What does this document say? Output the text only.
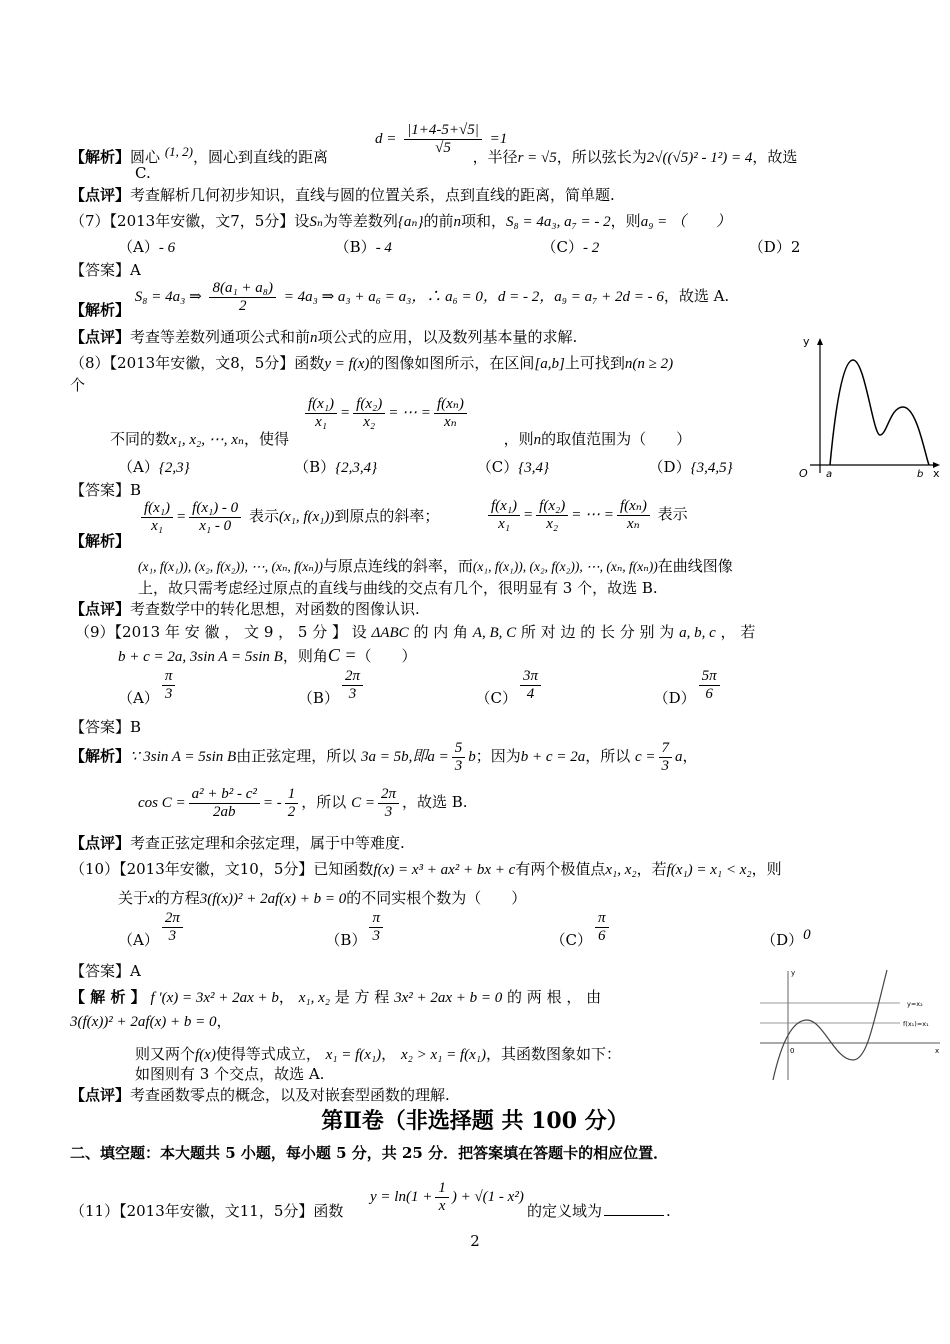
$d = \frac{|1+4-5+√5|}{√5} =1$
【解析】圆心 (1, 2)，圆心到直线的距离	，半径r = √5，所以弦长为2√((√5)² - 1²) = 4，故选
C.
【点评】考查解析几何初步知识，直线与圆的位置关系，点到直线的距离，简单题.
（7）【2013年安徽，文7，5分】设Sₙ为等差数列{aₙ}的前n项和，S₈ = 4a₃, a₇ = - 2，则a₉ = （　　）
（A）- 6	（B）- 4	（C）- 2	（D）2
【答案】A
【解析】 S₈ = 4a₃ ⇒ $\frac{\text{8(a₁ + a₈)}}{2} = 4a_3$ ⇒ a₃ + a₆ = a₃，∴ a₆ = 0，d = - 2，a₉ = a₇ + 2d = - 6，故选 A.
【点评】考查等差数列通项公式和前n项公式的应用，以及数列基本量的求解.
（8）【2013年安徽，文8，5分】函数y = f(x)的图像如图所示，在区间[a,b]上可找到n(n ≥ 2)
个
$\frac{\text{f(x₁)}}{\text{x₁}} = \frac{\text{f(x₂)}}{\text{x₂}}$ = ⋯ = $\frac{\text{f(xₙ)}}{\text{xₙ}}$
不同的数x₁, x₂, ⋯, xₙ，使得	，则n的取值范围为（　　）
（A）{2,3}	（B）{2,3,4}	（C）{3,4}	（D）{3,4,5}
【答案】B
y
O a	b x
$\frac{\text{f(x₁)}}{\text{x₁}} = \frac{\text{f(x₁) - 0}}{\text{x₁ - 0}}$ 表示(x₁, f(x₁))到原点的斜率；	$\frac{\text{f(x₁)}}{\text{x₁}} = \frac{\text{f(x₂)}}{\text{x₂}}$ = ⋯ = $\frac{\text{f(xₙ)}}{\text{xₙ}}$ 表示
【解析】
(x₁, f(x₁)), (x₂, f(x₂)), ⋯, (xₙ, f(xₙ))与原点连线的斜率，而(x₁, f(x₁)), (x₂, f(x₂)), ⋯, (xₙ, f(xₙ))在曲线图像
上，故只需考虑经过原点的直线与曲线的交点有几个，很明显有 3 个，故选 B.
【点评】考查数学中的转化思想，对函数的图像认识.
（9）【2013 年 安 徽 ， 文 9 ， 5 分 】 设 ΔABC 的 内 角 A, B, C 所 对 边 的 长 分 别 为 a, b, c ， 若
b + c = 2a, 3sin A = 5sin B，则角C =（　　）
$(A) \frac{\pi}{3}$	$(B) \frac{2\pi}{3}$	$(C) \frac{3\pi}{4}$	$(D) \frac{5\pi}{6}$
【答案】B
【解析】∵ 3sin A = 5sin B由正弦定理，所以 3a = 5b,即$a = \frac{5}{3}$ b；因为b + c = 2a，所以 $c = \frac{7}{3}$ a，
$\cos C = \frac{\text{a² + b² - c²}}{2ab}$ = - $\frac{1}{2}$ ，所以 $C = \frac{2\pi}{3}$ ，故选 B.
【点评】考查正弦定理和余弦定理，属于中等难度.
（10）【2013年安徽，文10，5分】已知函数f(x) = x³ + ax² + bx + c有两个极值点x₁, x₂，若f(x₁) = x₁ < x₂，则
关于x的方程3(f(x))² + 2af(x) + b = 0的不同实根个数为（　　）
$(A) \frac{2\pi}{3}$	$(B) \frac{\pi}{3}$	$(C) \frac{\pi}{6}$	（D）0
【答案】A
【 解 析 】 f '(x) = 3x² + 2ax + b， x₁, x₂ 是 方 程 3x² + 2ax + b = 0 的 两 根 ， 由
3(f(x))² + 2af(x) + b = 0，
则又两个f(x)使得等式成立， x₁ = f(x₁)， x₂ > x₁ = f(x₁)，其函数图象如下：
如图则有 3 个交点，故选 A.
【点评】考查函数零点的概念，以及对嵌套型函数的理解.
y
x
0
y=x₂
f(x₁)=x₁
第Ⅱ卷（非选择题 共 100 分）
二、填空题：本大题共 5 小题，每小题 5 分，共 25 分．把答案填在答题卡的相应位置．
$y = \ln(1 + \frac{1}{x}$ ) + √(1 - x²)
（11）【2013年安徽，文11，5分】函数	的定义域为	.
2
